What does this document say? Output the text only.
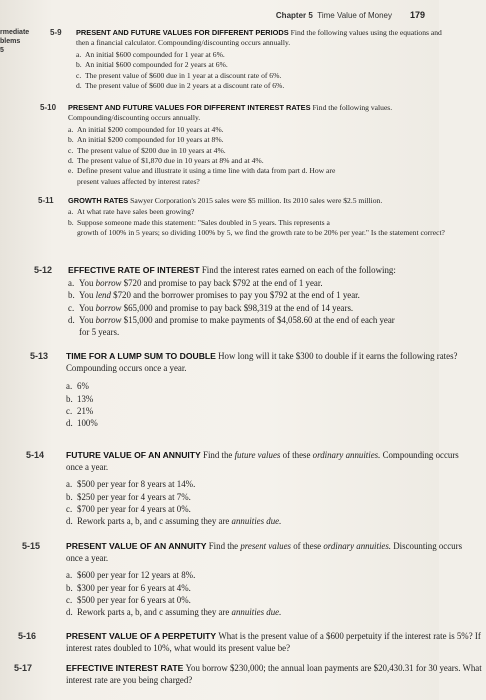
Chapter 5 Time Value of Money 179
rmediate
blems
5
5-9 PRESENT AND FUTURE VALUES FOR DIFFERENT PERIODS Find the following values using the equations and then a financial calculator. Compounding/discounting occurs annually.

a. An initial $600 compounded for 1 year at 6%.
b. An initial $600 compounded for 2 years at 6%.
c. The present value of $600 due in 1 year at a discount rate of 6%.
d. The present value of $600 due in 2 years at a discount rate of 6%.
5-10 PRESENT AND FUTURE VALUES FOR DIFFERENT INTEREST RATES Find the following values. Compounding/discounting occurs annually.

a. An initial $200 compounded for 10 years at 4%.
b. An initial $200 compounded for 10 years at 8%.
c. The present value of $200 due in 10 years at 4%.
d. The present value of $1,870 due in 10 years at 8% and at 4%.
e. Define present value and illustrate it using a time line with data from part d. How are
present values affected by interest rates?
5-11 GROWTH RATES Sawyer Corporation's 2015 sales were $5 million. Its 2010 sales were $2.5 million.

a. At what rate have sales been growing?
b. Suppose someone made this statement: "Sales doubled in 5 years. This represents a
growth of 100% in 5 years; so dividing 100% by 5, we find the growth rate to be 20% per year." Is the statement correct?
5-12 EFFECTIVE RATE OF INTEREST Find the interest rates earned on each of the following:

a. You borrow $720 and promise to pay back $792 at the end of 1 year.
b. You lend $720 and the borrower promises to pay you $792 at the end of 1 year.
c. You borrow $65,000 and promise to pay back $98,319 at the end of 14 years.
d. You borrow $15,000 and promise to make payments of $4,058.60 at the end of each year
for 5 years.
5-13 TIME FOR A LUMP SUM TO DOUBLE How long will it take $300 to double if it earns the following rates? Compounding occurs once a year.

a. 6%
b. 13%
c. 21%
d. 100%
5-14	FUTURE VALUE OF AN ANNUITY Find the future values of these ordinary annuities. Compounding occurs once a year.

a. $500 per year for 8 years at 14%.
b. $250 per year for 4 years at 7%.
c. $700 per year for 4 years at 0%.
d. Rework parts a, b, and c assuming they are annuities due.
5-15	PRESENT VALUE OF AN ANNUITY Find the present values of these ordinary annuities. Discounting occurs once a year.

a. $600 per year for 12 years at 8%.
b. $300 per year for 6 years at 4%.
c. $500 per year for 6 years at 0%.
d. Rework parts a, b, and c assuming they are annuities due.
5-16	PRESENT VALUE OF A PERPETUITY What is the present value of a $600 perpetuity if the interest rate is 5%? If interest rates doubled to 10%, what would its present value be?

5-17	EFFECTIVE INTEREST RATE You borrow $230,000; the annual loan payments are $20,430.31 for 30 years. What interest rate are you being charged?
